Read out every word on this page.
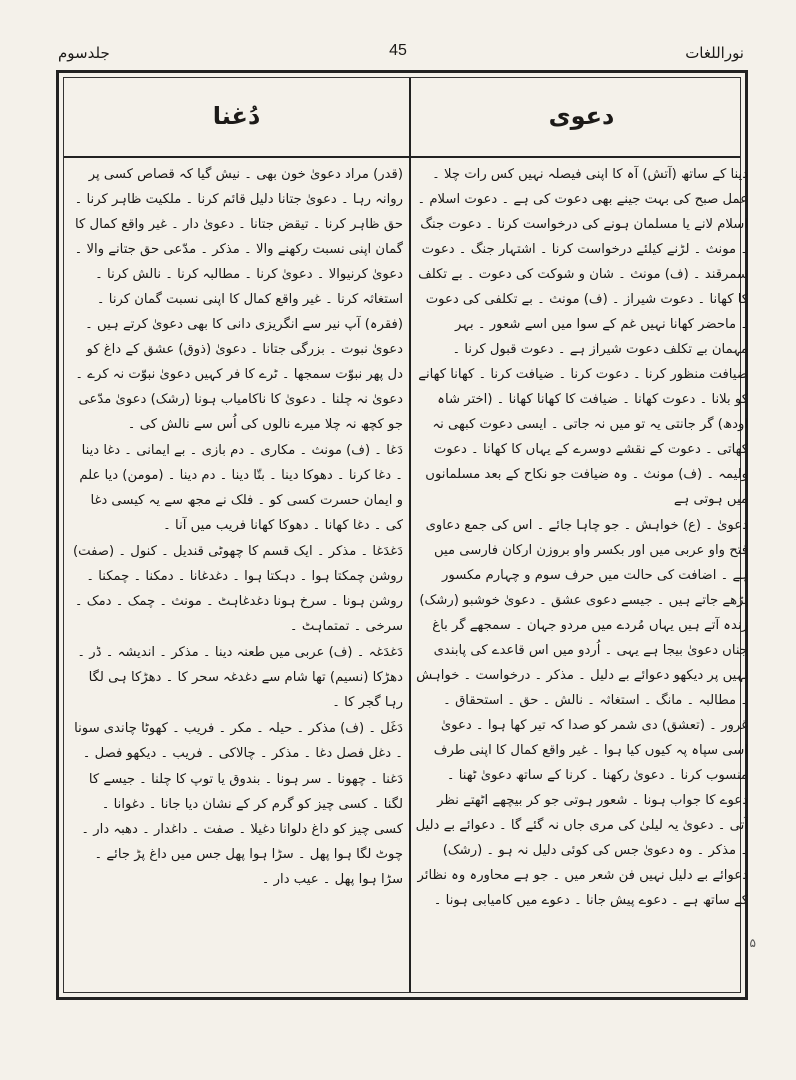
جلدسوم	45	نوراللغات
دُغنا	دعوی

(قدر) مراد دعویٰ خون بھی ۔ نیش گیا کہ قصاص کسی پر روانہ رہا ۔ دعویٰ جتانا دلیل قائم کرنا ۔ ملکیت ظاہر کرنا ۔ حق ظاہر کرنا ۔ تیقض جتانا ۔ دعویٰ دار ۔ غیر واقع کمال کا گمان اپنی نسبت رکھنے والا ۔ مذکر ۔ مدّعی حق جتانے والا ۔ دعویٰ کرنیوالا ۔ دعویٰ کرنا ۔ مطالبہ کرنا ۔ نالش کرنا ۔ استغاثہ کرنا ۔ غیر واقع کمال کا اپنی نسبت گمان کرنا ۔ (فقرہ) آپ نیر سے انگریزی دانی کا بھی دعویٰ کرتے ہیں ۔ دعویٰ نبوت ۔ بزرگی جتانا ۔ دعویٰ (ذوق) عشق کے داغ کو دل پھر نبوّت سمجھا ۔ ٹرے کا فر کہیں دعویٰ نبوّت نہ کرے ۔ دعویٰ نہ چلنا ۔ دعویٰ کا ناکامیاب ہونا (رشک) دعویٰ مدّعی جو کچھ نہ چلا میرے نالوں کی اُس سے نالش کی ۔

دَغا ۔ (ف) مونث ۔ مکاری ۔ دم بازی ۔ بے ایمانی ۔ دغا دینا ۔ دغا کرنا ۔ دھوکا دینا ۔ بتّا دینا ۔ دم دینا ۔ (مومن) دیا علم و ایمان حسرت کسی کو ۔ فلک نے مجھ سے یہ کیسی دغا کی ۔ دغا کھانا ۔ دھوکا کھانا فریب میں آنا ۔

دَغدَغا ۔ مذکر ۔ ایک قسم کا چھوٹی قندیل ۔ کنول ۔ (صفت) روشن چمکتا ہوا ۔ دہکتا ہوا ۔ دغدغانا ۔ دمکنا ۔ چمکنا ۔ روشن ہونا ۔ سرخ ہونا دغدغاہٹ ۔ مونث ۔ چمک ۔ دمک ۔ سرخی ۔ تمتماہٹ ۔

دَغدَغہ ۔ (ف) عربی میں طعنہ دینا ۔ مذکر ۔ اندیشہ ۔ ڈر ۔ دھڑکا (نسیم) تھا شام سے دغدغہ سحر کا ۔ دھڑکا ہی لگا رہا گجر کا ۔

دَغَل ۔ (ف) مذکر ۔ حیلہ ۔ مکر ۔ فریب ۔ کھوٹا چاندی سونا ۔ دغل فصل دغا ۔ مذکر ۔ چالاکی ۔ فریب ۔ دیکھو فصل ۔

دَغنا ۔ چھونا ۔ سر ہونا ۔ بندوق یا توپ کا چلنا ۔ جیسے کا لگنا ۔ کسی چیز کو گرم کر کے نشان دیا جانا ۔ دغوانا ۔ کسی چیز کو داغ دلوانا دغیلا ۔ صفت ۔ داغدار ۔ دھبہ دار ۔ چوٹ لگا ہوا پھل ۔ سڑا ہوا پھل جس میں داغ پڑ جائے ۔ سڑا ہوا پھل ۔ عیب دار ۔

دینا کے ساتھ (آتش) آہ کا اپنی فیصلہ نہیں کس رات چلا ۔ عمل صبح کی بہت جینے بھی دعوت کی ہے ۔ دعوت اسلام ۔ اسلام لانے یا مسلمان ہونے کی درخواست کرنا ۔ دعوت جنگ ۔ مونث ۔ لڑنے کیلئے درخواست کرنا ۔ اشتہار جنگ ۔ دعوت سمرقند ۔ (ف) مونث ۔ شان و شوکت کی دعوت ۔ بے تکلف کا کھانا ۔ دعوت شیراز ۔ (ف) مونث ۔ بے تکلفی کی دعوت ۔ ماحضر کھانا نہیں غم کے سوا میں اسے شعور ۔ بہر مہمان بے تکلف دعوت شیراز ہے ۔ دعوت قبول کرنا ۔ ضیافت منظور کرنا ۔ دعوت کرنا ۔ ضیافت کرنا ۔ کھانا کھانے کو بلانا ۔ دعوت کھانا ۔ ضیافت کا کھانا کھانا ۔ (اختر شاہ اودھ) گر جانتی یہ تو میں نہ جاتی ۔ ایسی دعوت کبھی نہ کھاتی ۔ دعوت کے نقشے دوسرے کے یہاں کا کھانا ۔ دعوت ولیمہ ۔ (ف) مونث ۔ وہ ضیافت جو نکاح کے بعد مسلمانوں میں ہوتی ہے

دعویٰ ۔ (ع) خواہش ۔ جو چاہا جائے ۔ اس کی جمع دعاوی فتح واو عربی میں اور بکسر واو بروزن ارکان فارسی میں ہے ۔ اضافت کی حالت میں حرف سوم و چہارم مکسور پڑھے جاتے ہیں ۔ جیسے دعوی عشق ۔ دعویٰ خوشبو (رشک) زندہ آتے ہیں یہاں مُردے میں مردو جہان ۔ سمجھے گر باغ جناں دعویٰ بیجا ہے یہی ۔ اُردو میں اس قاعدے کی پابندی نہیں پر دیکھو دعوائے بے دلیل ۔ مذکر ۔ درخواست ۔ خواہش ۔ مطالبہ ۔ مانگ ۔ استغاثہ ۔ نالش ۔ حق ۔ استحقاق ۔ غرور ۔ (تعشق) دی شمر کو صدا کہ تیر کھا ہوا ۔ دعویٰ اسی سپاہ پہ کیوں کیا ہوا ۔ غیر واقع کمال کا اپنی طرف منسوب کرنا ۔ دعویٰ رکھنا ۔ کرنا کے ساتھ دعویٰ ٹھنا ۔ دعوے کا جواب ہونا ۔ شعور ہوتی جو کر بیچھے اٹھتے نظر آتی ۔ دعویٰ یہ لیلیٰ کی مری جاں نہ گئے گا ۔ دعوائے بے دلیل ۔ مذکر ۔ وہ دعویٰ جس کی کوئی دلیل نہ ہو ۔ (رشک) دعوائے بے دلیل نہیں فن شعر میں ۔ جو ہے محاورہ وہ نظائر کے ساتھ ہے ۔ دعوے پیش جانا ۔ دعوے میں کامیابی ہونا ۔

۵
